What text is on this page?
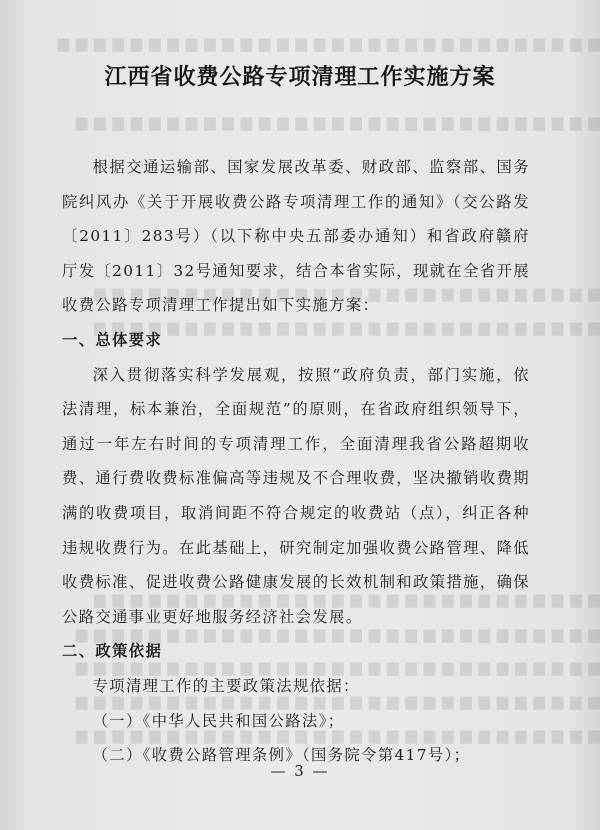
▆ ▆ ▆ ▆ ▆ ▆ ▆ ▆ ▆ ▆ ▆ ▆ ▆ ▆ ▆ ▆ ▆ ▆ ▆ ▆ ▆ ▆ ▆ ▆ ▆ ▆ ▆ ▆ ▆ ▆
▆ ▆ ▆ ▆ ▆ ▆ ▆ ▆ ▆ ▆ ▆ ▆ ▆ ▆ ▆ ▆ ▆ ▆ ▆ ▆ ▆ ▆ ▆ ▆ ▆ ▆ ▆ ▆ ▆
▆ ▆ ▆ ▆ ▆ ▆ ▆ ▆ ▆ ▆ ▆ ▆ ▆ ▆ ▆ ▆ ▆ ▆ ▆ ▆ ▆ ▆ ▆ ▆ ▆ ▆ ▆ ▆
▆ ▆ ▆ ▆ ▆ ▆ ▆ ▆ ▆ ▆ ▆ ▆ ▆ ▆ ▆ ▆ ▆ ▆ ▆ ▆ ▆ ▆ ▆ ▆ ▆ ▆ ▆ ▆
▆ ▆ ▆ ▆ ▆ ▆ ▆ ▆ ▆ ▆ ▆ ▆ ▆ ▆ ▆ ▆ ▆ ▆ ▆ ▆ ▆ ▆ ▆ ▆ ▆ ▆ ▆ ▆
▆ ▆ ▆ ▆ ▆ ▆ ▆ ▆ ▆ ▆ ▆ ▆ ▆ ▆ ▆ ▆ ▆ ▆ ▆ ▆ ▆ ▆ ▆ ▆ ▆ ▆ ▆ ▆ ▆
▆ ▆ ▆ ▆ ▆ ▆ ▆ ▆ ▆ ▆ ▆ ▆ ▆ ▆ ▆ ▆ ▆ ▆ ▆ ▆ ▆ ▆ ▆ ▆ ▆ ▆ ▆ ▆ ▆
▆ ▆ ▆ ▆ ▆ ▆ ▆ ▆ ▆ ▆ ▆ ▆ ▆ ▆ ▆ ▆ ▆ ▆ ▆ ▆ ▆ ▆ ▆ ▆ ▆ ▆ ▆ ▆ ▆
▆ ▆ ▆ ▆ ▆ ▆ ▆ ▆ ▆ ▆ ▆ ▆ ▆ ▆ ▆ ▆ ▆ ▆ ▆ ▆ ▆ ▆ ▆ ▆ ▆ ▆ ▆ ▆ ▆
江西省收费公路专项清理工作实施方案

根据交通运输部、国家发展改革委、财政部、监察部、国务院纠风办《关于开展收费公路专项清理工作的通知》（交公路发〔2011〕283号）（以下称中央五部委办通知）和省政府赣府厅发〔2011〕32号通知要求，结合本省实际，现就在全省开展收费公路专项清理工作提出如下实施方案：

一、总体要求

深入贯彻落实科学发展观，按照“政府负责，部门实施，依法清理，标本兼治，全面规范”的原则，在省政府组织领导下，通过一年左右时间的专项清理工作，全面清理我省公路超期收费、通行费收费标准偏高等违规及不合理收费，坚决撤销收费期满的收费项目，取消间距不符合规定的收费站（点），纠正各种违规收费行为。在此基础上，研究制定加强收费公路管理、降低收费标准、促进收费公路健康发展的长效机制和政策措施，确保公路交通事业更好地服务经济社会发展。

二、政策依据

专项清理工作的主要政策法规依据：

（一）《中华人民共和国公路法》；

（二）《收费公路管理条例》（国务院令第417号）；

— 3 —
